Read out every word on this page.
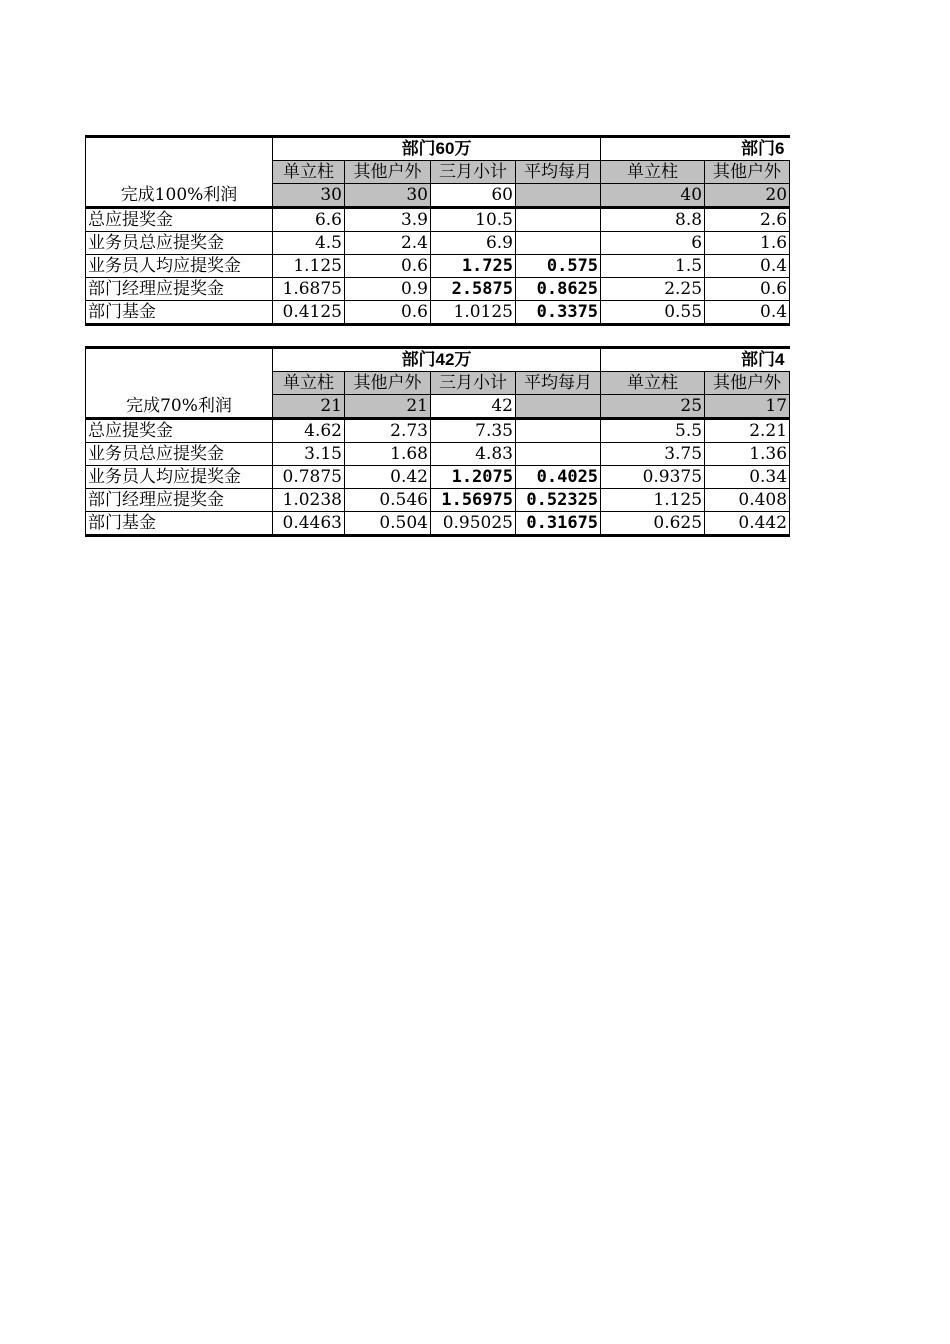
完成100%利润	部门60万				部门6		
	单立柱	其他户外	三月小计	平均每月	单立柱	其他户外	
	30	30	60		40	20	
总应提奖金	6.6	3.9	10.5		8.8	2.6	
业务员总应提奖金	4.5	2.4	6.9		6	1.6	
业务员人均应提奖金	1.125	0.6	1.725	0.575	1.5	0.4	
部门经理应提奖金	1.6875	0.9	2.5875	0.8625	2.25	0.6	
部门基金	0.4125	0.6	1.0125	0.3375	0.55	0.4	
完成70%利润	部门42万				部门4		
	单立柱	其他户外	三月小计	平均每月	单立柱	其他户外	
	21	21	42		25	17	
总应提奖金	4.62	2.73	7.35		5.5	2.21	
业务员总应提奖金	3.15	1.68	4.83		3.75	1.36	
业务员人均应提奖金	0.7875	0.42	1.2075	0.4025	0.9375	0.34	
部门经理应提奖金	1.0238	0.546	1.56975	0.52325	1.125	0.408	
部门基金	0.4463	0.504	0.95025	0.31675	0.625	0.442	
